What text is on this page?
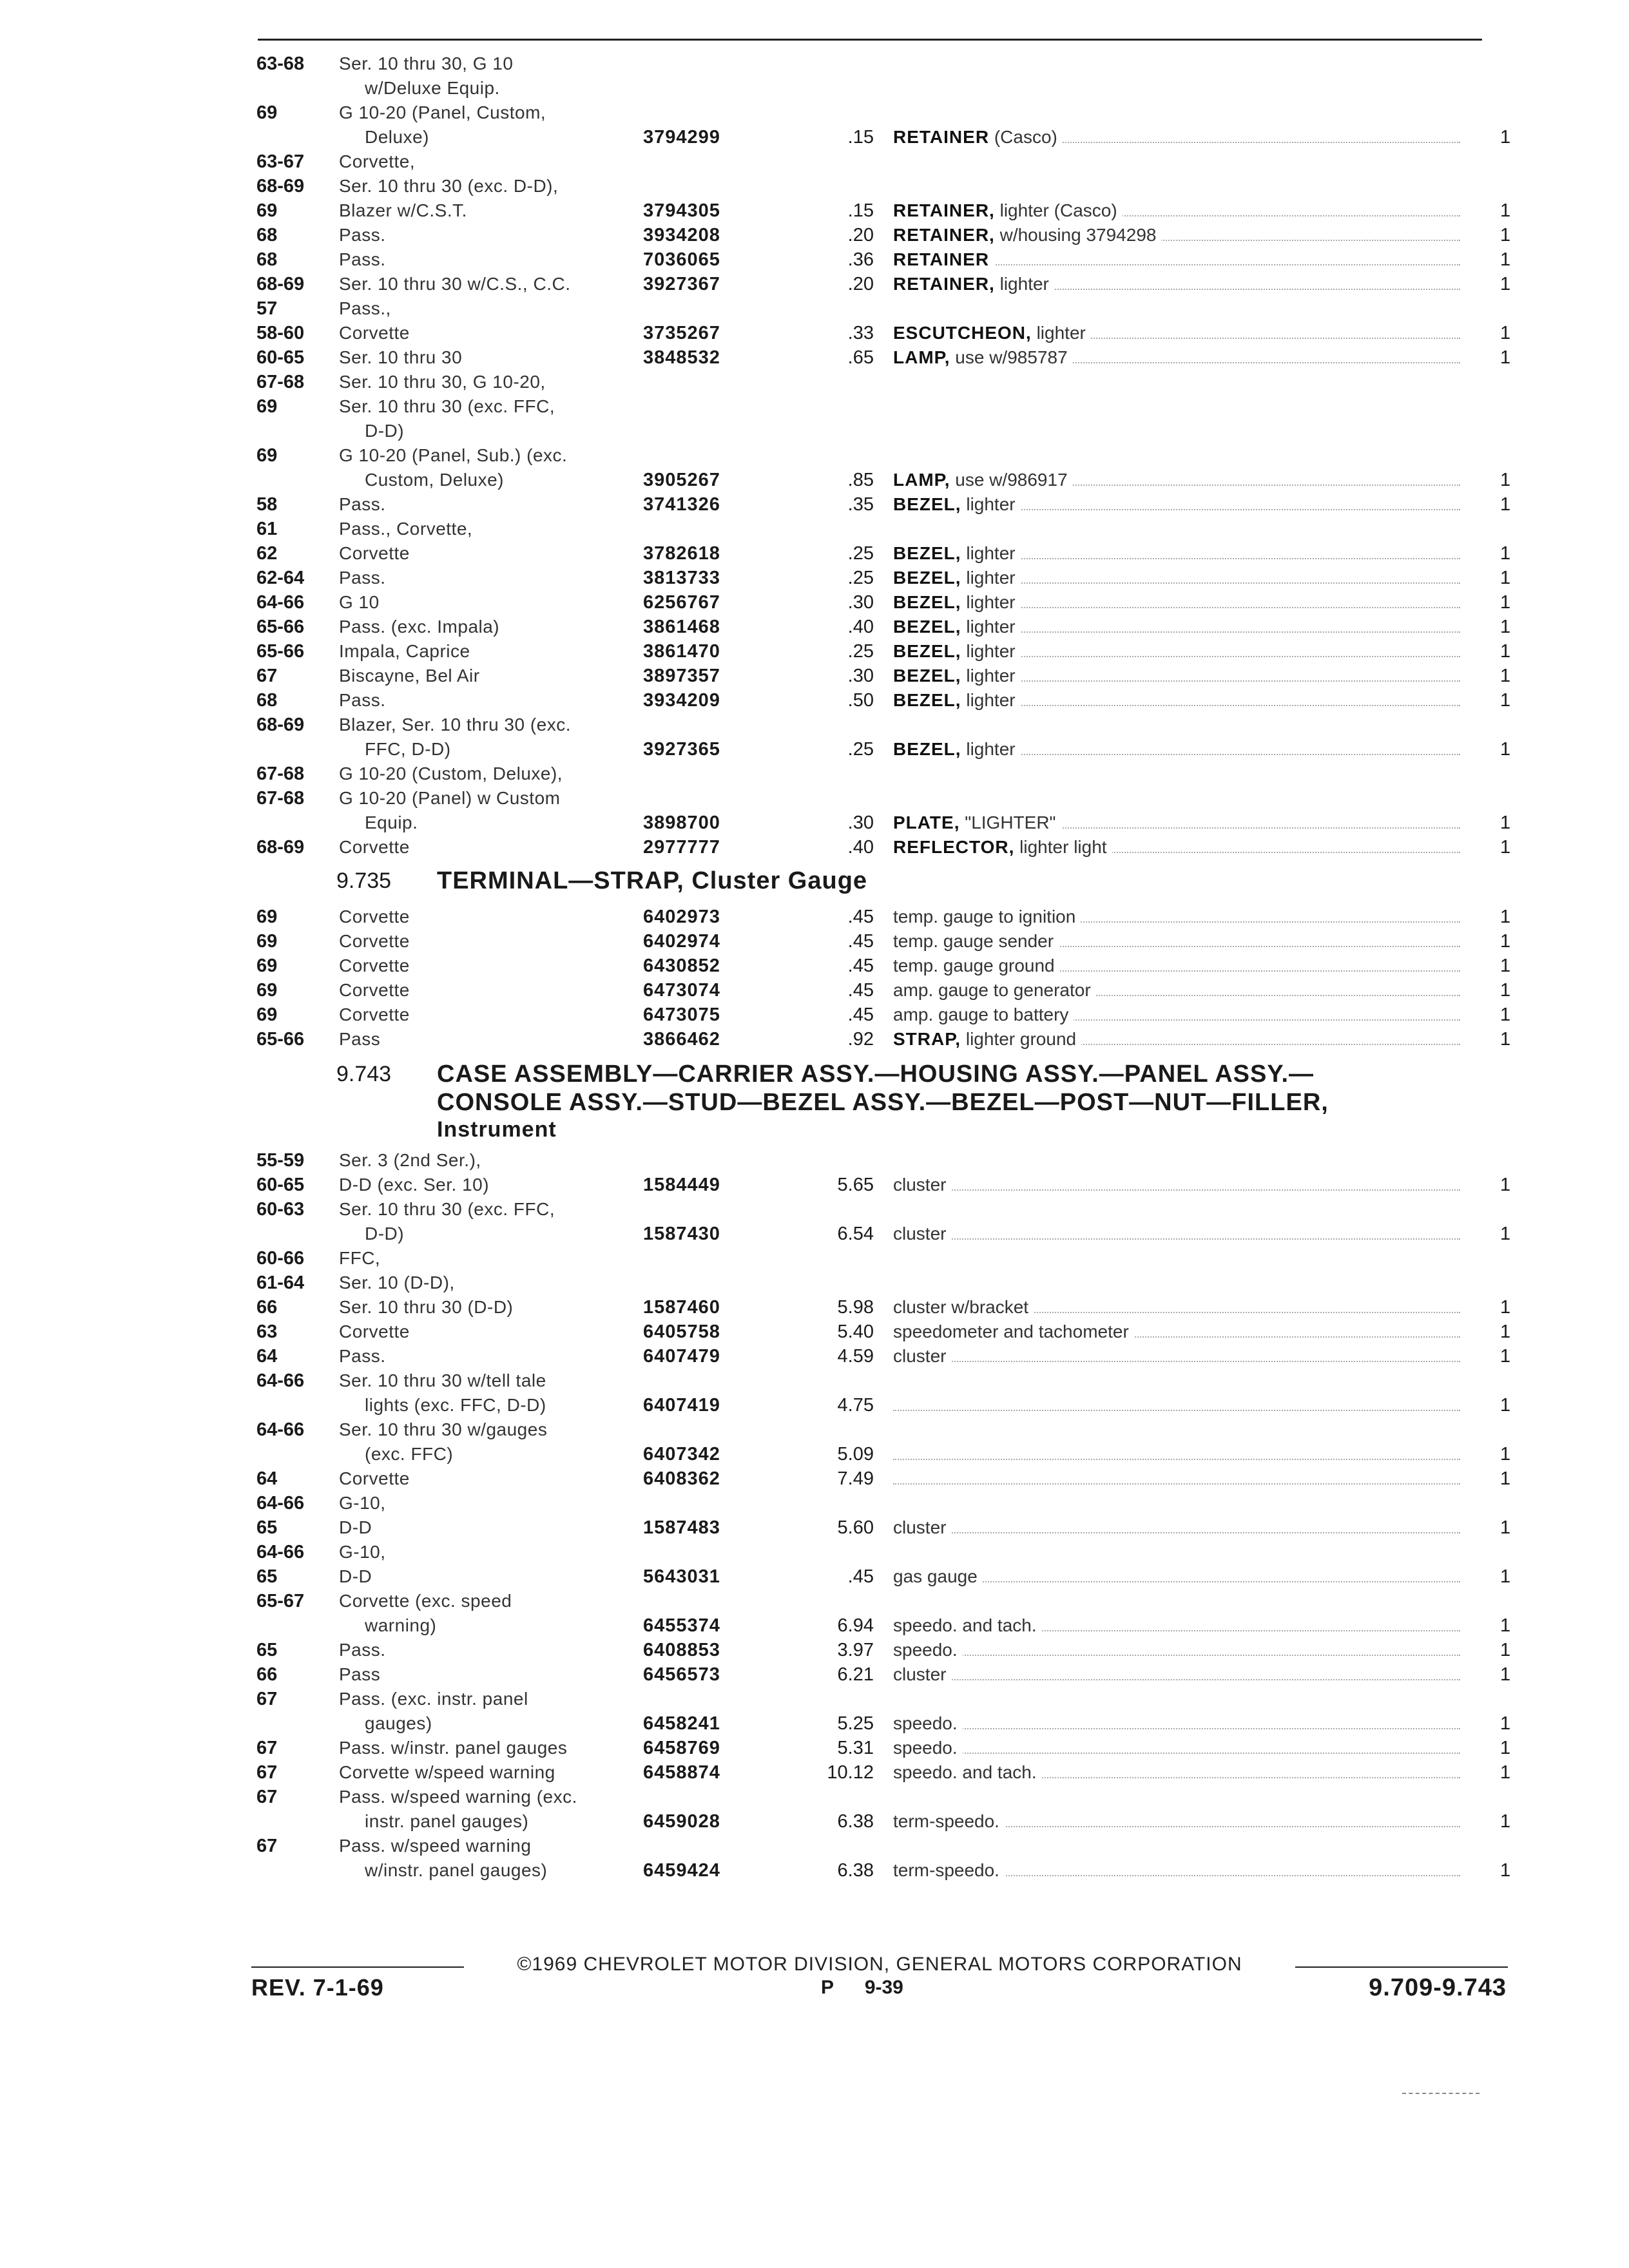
63-68 Ser. 10 thru 30, G 10
w/Deluxe Equip.
69	G 10-20 (Panel, Custom,
Deluxe)	3794299	.15 RETAINER (Casco)	1
63-67 Corvette,
68-69 Ser. 10 thru 30 (exc. D-D),
69	Blazer w/C.S.T.	3794305	.15 RETAINER, lighter (Casco)	1
68	Pass.	3934208	.20 RETAINER, w/housing 3794298	1
68	Pass.	7036065	.36 RETAINER	1
68-69 Ser. 10 thru 30 w/C.S., C.C.	3927367	.20 RETAINER, lighter	1
57	Pass.,
58-60 Corvette	3735267	.33 ESCUTCHEON, lighter	1
60-65 Ser. 10 thru 30	3848532	.65 LAMP, use w/985787	1
67-68 Ser. 10 thru 30, G 10-20,
69	Ser. 10 thru 30 (exc. FFC,
D-D)
69	G 10-20 (Panel, Sub.) (exc.
Custom, Deluxe)	3905267	.85 LAMP, use w/986917	1
58	Pass.	3741326	.35 BEZEL, lighter	1
61	Pass., Corvette,
62	Corvette	3782618	.25 BEZEL, lighter	1
62-64 Pass.	3813733	.25 BEZEL, lighter	1
64-66 G 10	6256767	.30 BEZEL, lighter	1
65-66 Pass. (exc. Impala)	3861468	.40 BEZEL, lighter	1
65-66 Impala, Caprice	3861470	.25 BEZEL, lighter	1
67	Biscayne, Bel Air	3897357	.30 BEZEL, lighter	1
68	Pass.	3934209	.50 BEZEL, lighter	1
68-69 Blazer, Ser. 10 thru 30 (exc.
FFC, D-D)	3927365	.25 BEZEL, lighter	1
67-68 G 10-20 (Custom, Deluxe),
67-68 G 10-20 (Panel) w Custom
Equip.	3898700	.30 PLATE, "LIGHTER"	1
68-69 Corvette	2977777	.40 REFLECTOR, lighter light	1
9.735 TERMINAL—STRAP, Cluster Gauge
69	Corvette	6402973	.45 temp. gauge to ignition	1
69	Corvette	6402974	.45 temp. gauge sender	1
69	Corvette	6430852	.45 temp. gauge ground	1
69	Corvette	6473074	.45 amp. gauge to generator	1
69	Corvette	6473075	.45 amp. gauge to battery	1
65-66 Pass	3866462	.92 STRAP, lighter ground	1
9.743 CASE ASSEMBLY—CARRIER ASSY.—HOUSING ASSY.—PANEL ASSY.—
CONSOLE ASSY.—STUD—BEZEL ASSY.—BEZEL—POST—NUT—FILLER,
Instrument
55-59 Ser. 3 (2nd Ser.),
60-65 D-D (exc. Ser. 10)	1584449	5.65 cluster	1
60-63 Ser. 10 thru 30 (exc. FFC,
D-D)	1587430	6.54 cluster	1
60-66 FFC,
61-64 Ser. 10 (D-D),
66	Ser. 10 thru 30 (D-D)	1587460	5.98 cluster w/bracket	1
63	Corvette	6405758	5.40 speedometer and tachometer	1
64	Pass.	6407479	4.59 cluster	1
64-66 Ser. 10 thru 30 w/tell tale
lights (exc. FFC, D-D)	6407419	4.75	1
64-66 Ser. 10 thru 30 w/gauges
(exc. FFC)	6407342	5.09	1
64	Corvette	6408362	7.49	1
64-66 G-10,
65	D-D	1587483	5.60 cluster	1
64-66 G-10,
65	D-D	5643031	.45 gas gauge	1
65-67 Corvette (exc. speed
warning)	6455374	6.94 speedo. and tach.	1
65	Pass.	6408853	3.97 speedo.	1
66	Pass	6456573	6.21 cluster	1
67	Pass. (exc. instr. panel
gauges)	6458241	5.25 speedo.	1
67	Pass. w/instr. panel gauges	6458769	5.31 speedo.	1
67	Corvette w/speed warning	6458874	10.12 speedo. and tach.	1
67	Pass. w/speed warning (exc.
instr. panel gauges)	6459028	6.38 term-speedo.	1
67	Pass. w/speed warning
w/instr. panel gauges)	6459424	6.38 term-speedo.	1
©1969 CHEVROLET MOTOR DIVISION, GENERAL MOTORS CORPORATION
REV. 7-1-69	P 9-39	9.709-9.743
